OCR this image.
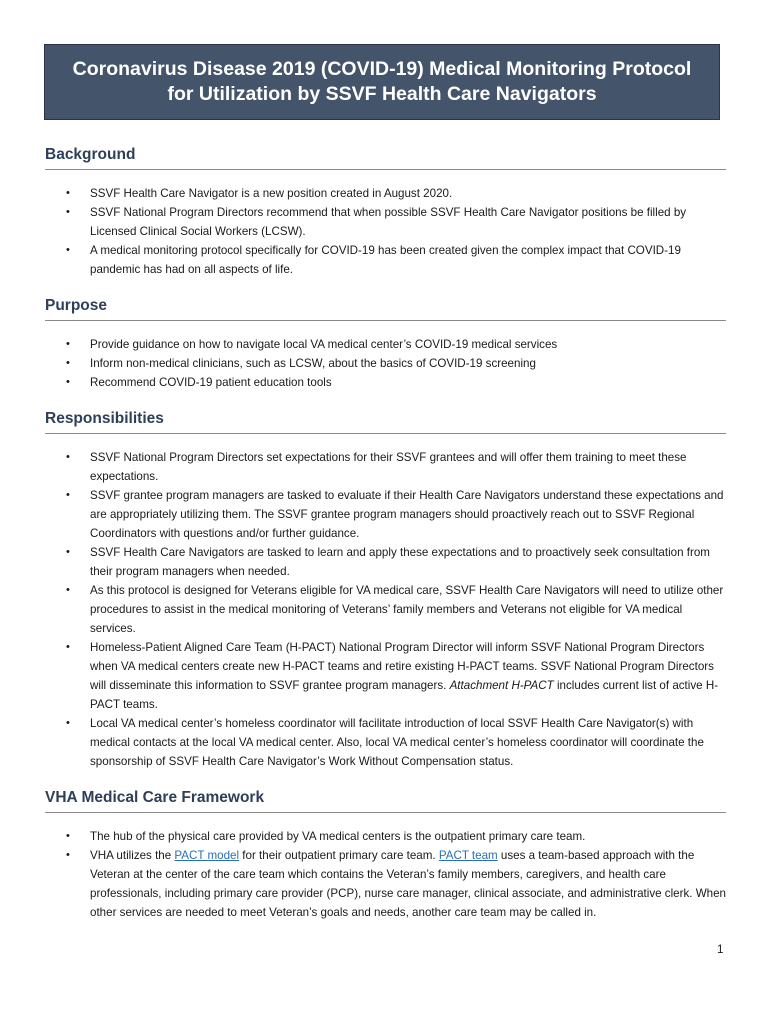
Coronavirus Disease 2019 (COVID-19) Medical Monitoring Protocol
for Utilization by SSVF Health Care Navigators
Background
• SSVF Health Care Navigator is a new position created in August 2020.
• SSVF National Program Directors recommend that when possible SSVF Health Care Navigator positions be filled by Licensed Clinical Social Workers (LCSW).
• A medical monitoring protocol specifically for COVID-19 has been created given the complex impact that COVID-19 pandemic has had on all aspects of life.
Purpose
• Provide guidance on how to navigate local VA medical center’s COVID-19 medical services
• Inform non-medical clinicians, such as LCSW, about the basics of COVID-19 screening
• Recommend COVID-19 patient education tools
Responsibilities
• SSVF National Program Directors set expectations for their SSVF grantees and will offer them training to meet these expectations.
• SSVF grantee program managers are tasked to evaluate if their Health Care Navigators understand these expectations and are appropriately utilizing them. The SSVF grantee program managers should proactively reach out to SSVF Regional Coordinators with questions and/or further guidance.
• SSVF Health Care Navigators are tasked to learn and apply these expectations and to proactively seek consultation from their program managers when needed.
• As this protocol is designed for Veterans eligible for VA medical care, SSVF Health Care Navigators will need to utilize other procedures to assist in the medical monitoring of Veterans’ family members and Veterans not eligible for VA medical services.
• Homeless-Patient Aligned Care Team (H-PACT) National Program Director will inform SSVF National Program Directors when VA medical centers create new H-PACT teams and retire existing H-PACT teams. SSVF National Program Directors will disseminate this information to SSVF grantee program managers. Attachment H-PACT includes current list of active H-PACT teams.
• Local VA medical center’s homeless coordinator will facilitate introduction of local SSVF Health Care Navigator(s) with medical contacts at the local VA medical center. Also, local VA medical center’s homeless coordinator will coordinate the sponsorship of SSVF Health Care Navigator’s Work Without Compensation status.
VHA Medical Care Framework
• The hub of the physical care provided by VA medical centers is the outpatient primary care team.
• VHA utilizes the PACT model for their outpatient primary care team. PACT team uses a team-based approach with the Veteran at the center of the care team which contains the Veteran’s family members, caregivers, and health care professionals, including primary care provider (PCP), nurse care manager, clinical associate, and administrative clerk. When other services are needed to meet Veteran’s goals and needs, another care team may be called in.
1
